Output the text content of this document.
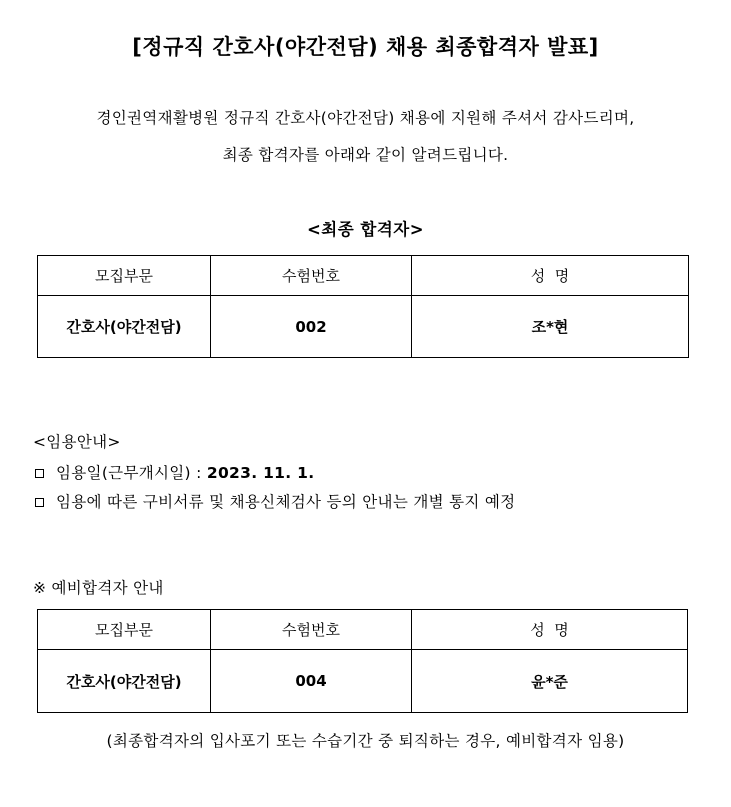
[정규직 간호사(야간전담) 채용 최종합격자 발표]
경인권역재활병원 정규직 간호사(야간전담) 채용에 지원해 주셔서 감사드리며,
최종 합격자를 아래와 같이 알려드립니다.
<최종 합격자>
모집부문	수험번호	성  명
간호사(야간전담)	002	조*현
<임용안내>
임용일(근무개시일) : 2023. 11. 1.
임용에 따른 구비서류 및 채용신체검사 등의 안내는 개별 통지 예정
※ 예비합격자 안내
모집부문	수험번호	성  명
간호사(야간전담)	004	윤*준
(최종합격자의 입사포기 또는 수습기간 중 퇴직하는 경우, 예비합격자 임용)
